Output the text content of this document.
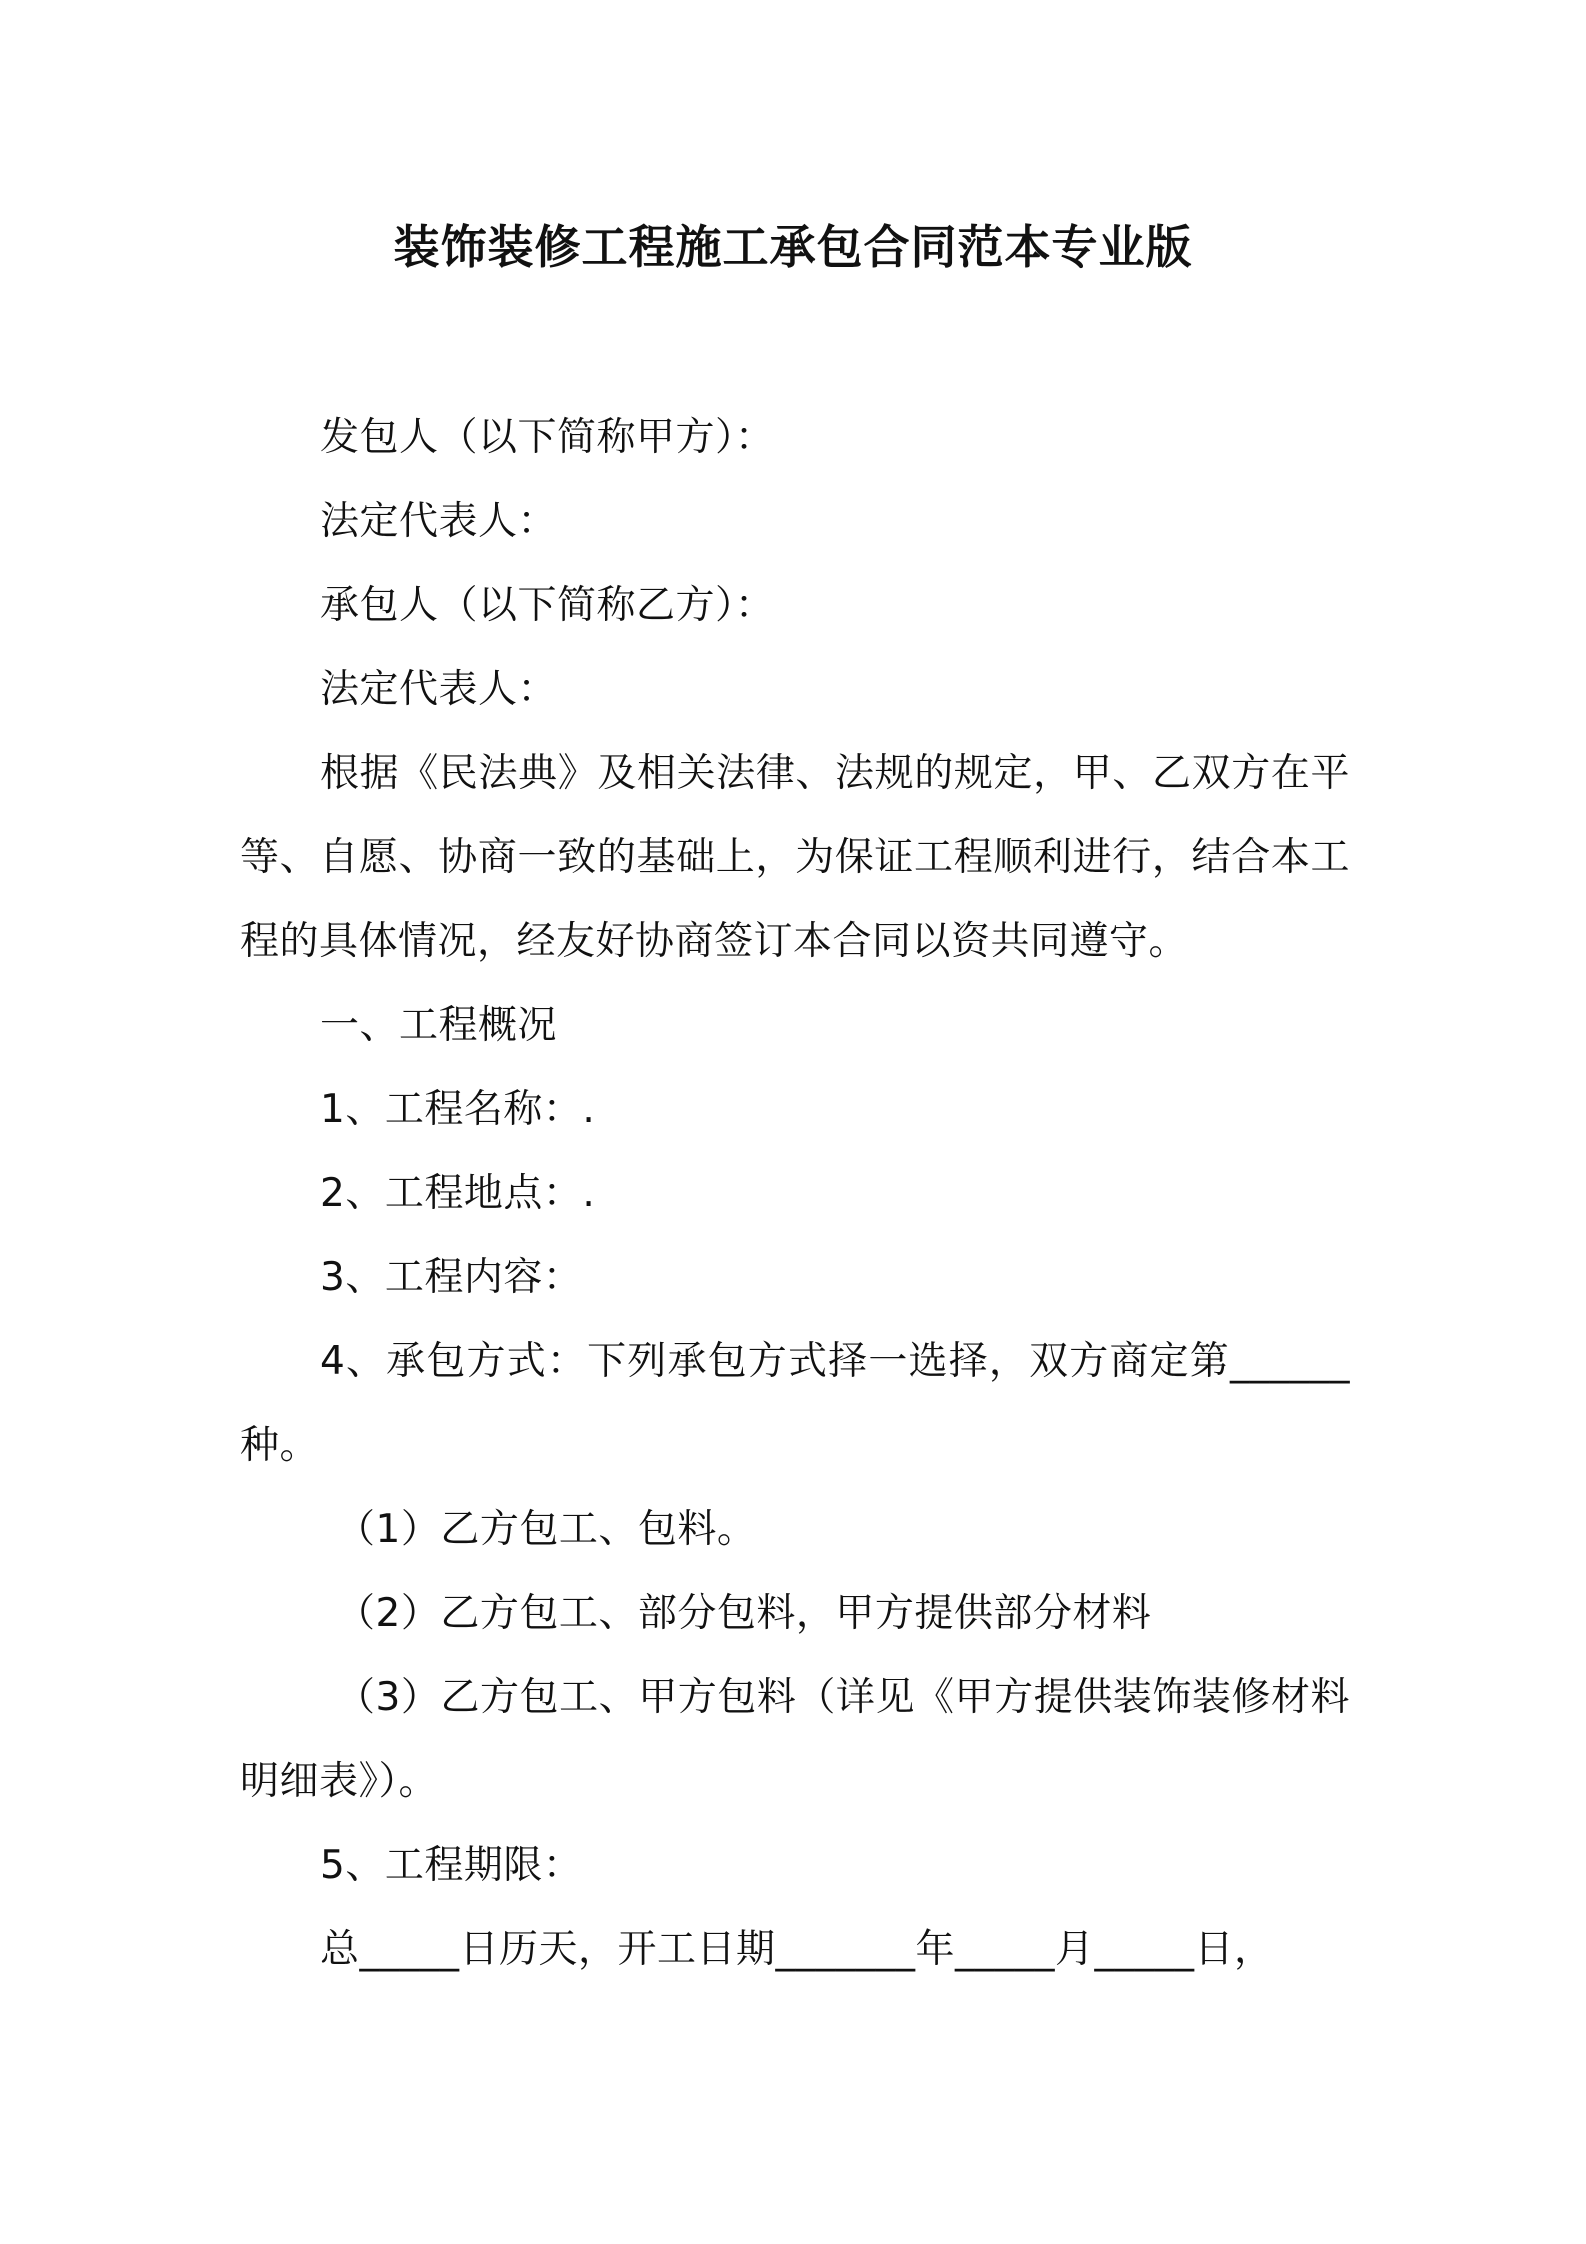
装饰装修工程施工承包合同范本专业版

发包人（以下简称甲方）：

法定代表人：

承包人（以下简称乙方）：

法定代表人：

根据《民法典》及相关法律、法规的规定，甲、乙双方在平等、自愿、协商一致的基础上，为保证工程顺利进行，结合本工程的具体情况，经友好协商签订本合同以资共同遵守。

一、工程概况

1、工程名称：.

2、工程地点：.

3、工程内容：

4、承包方式：下列承包方式择一选择，双方商定第______种。

（1）乙方包工、包料。

（2）乙方包工、部分包料，甲方提供部分材料

（3）乙方包工、甲方包料（详见《甲方提供装饰装修材料明细表》）。

5、工程期限：

总_____日历天，开工日期_______年_____月_____日，
